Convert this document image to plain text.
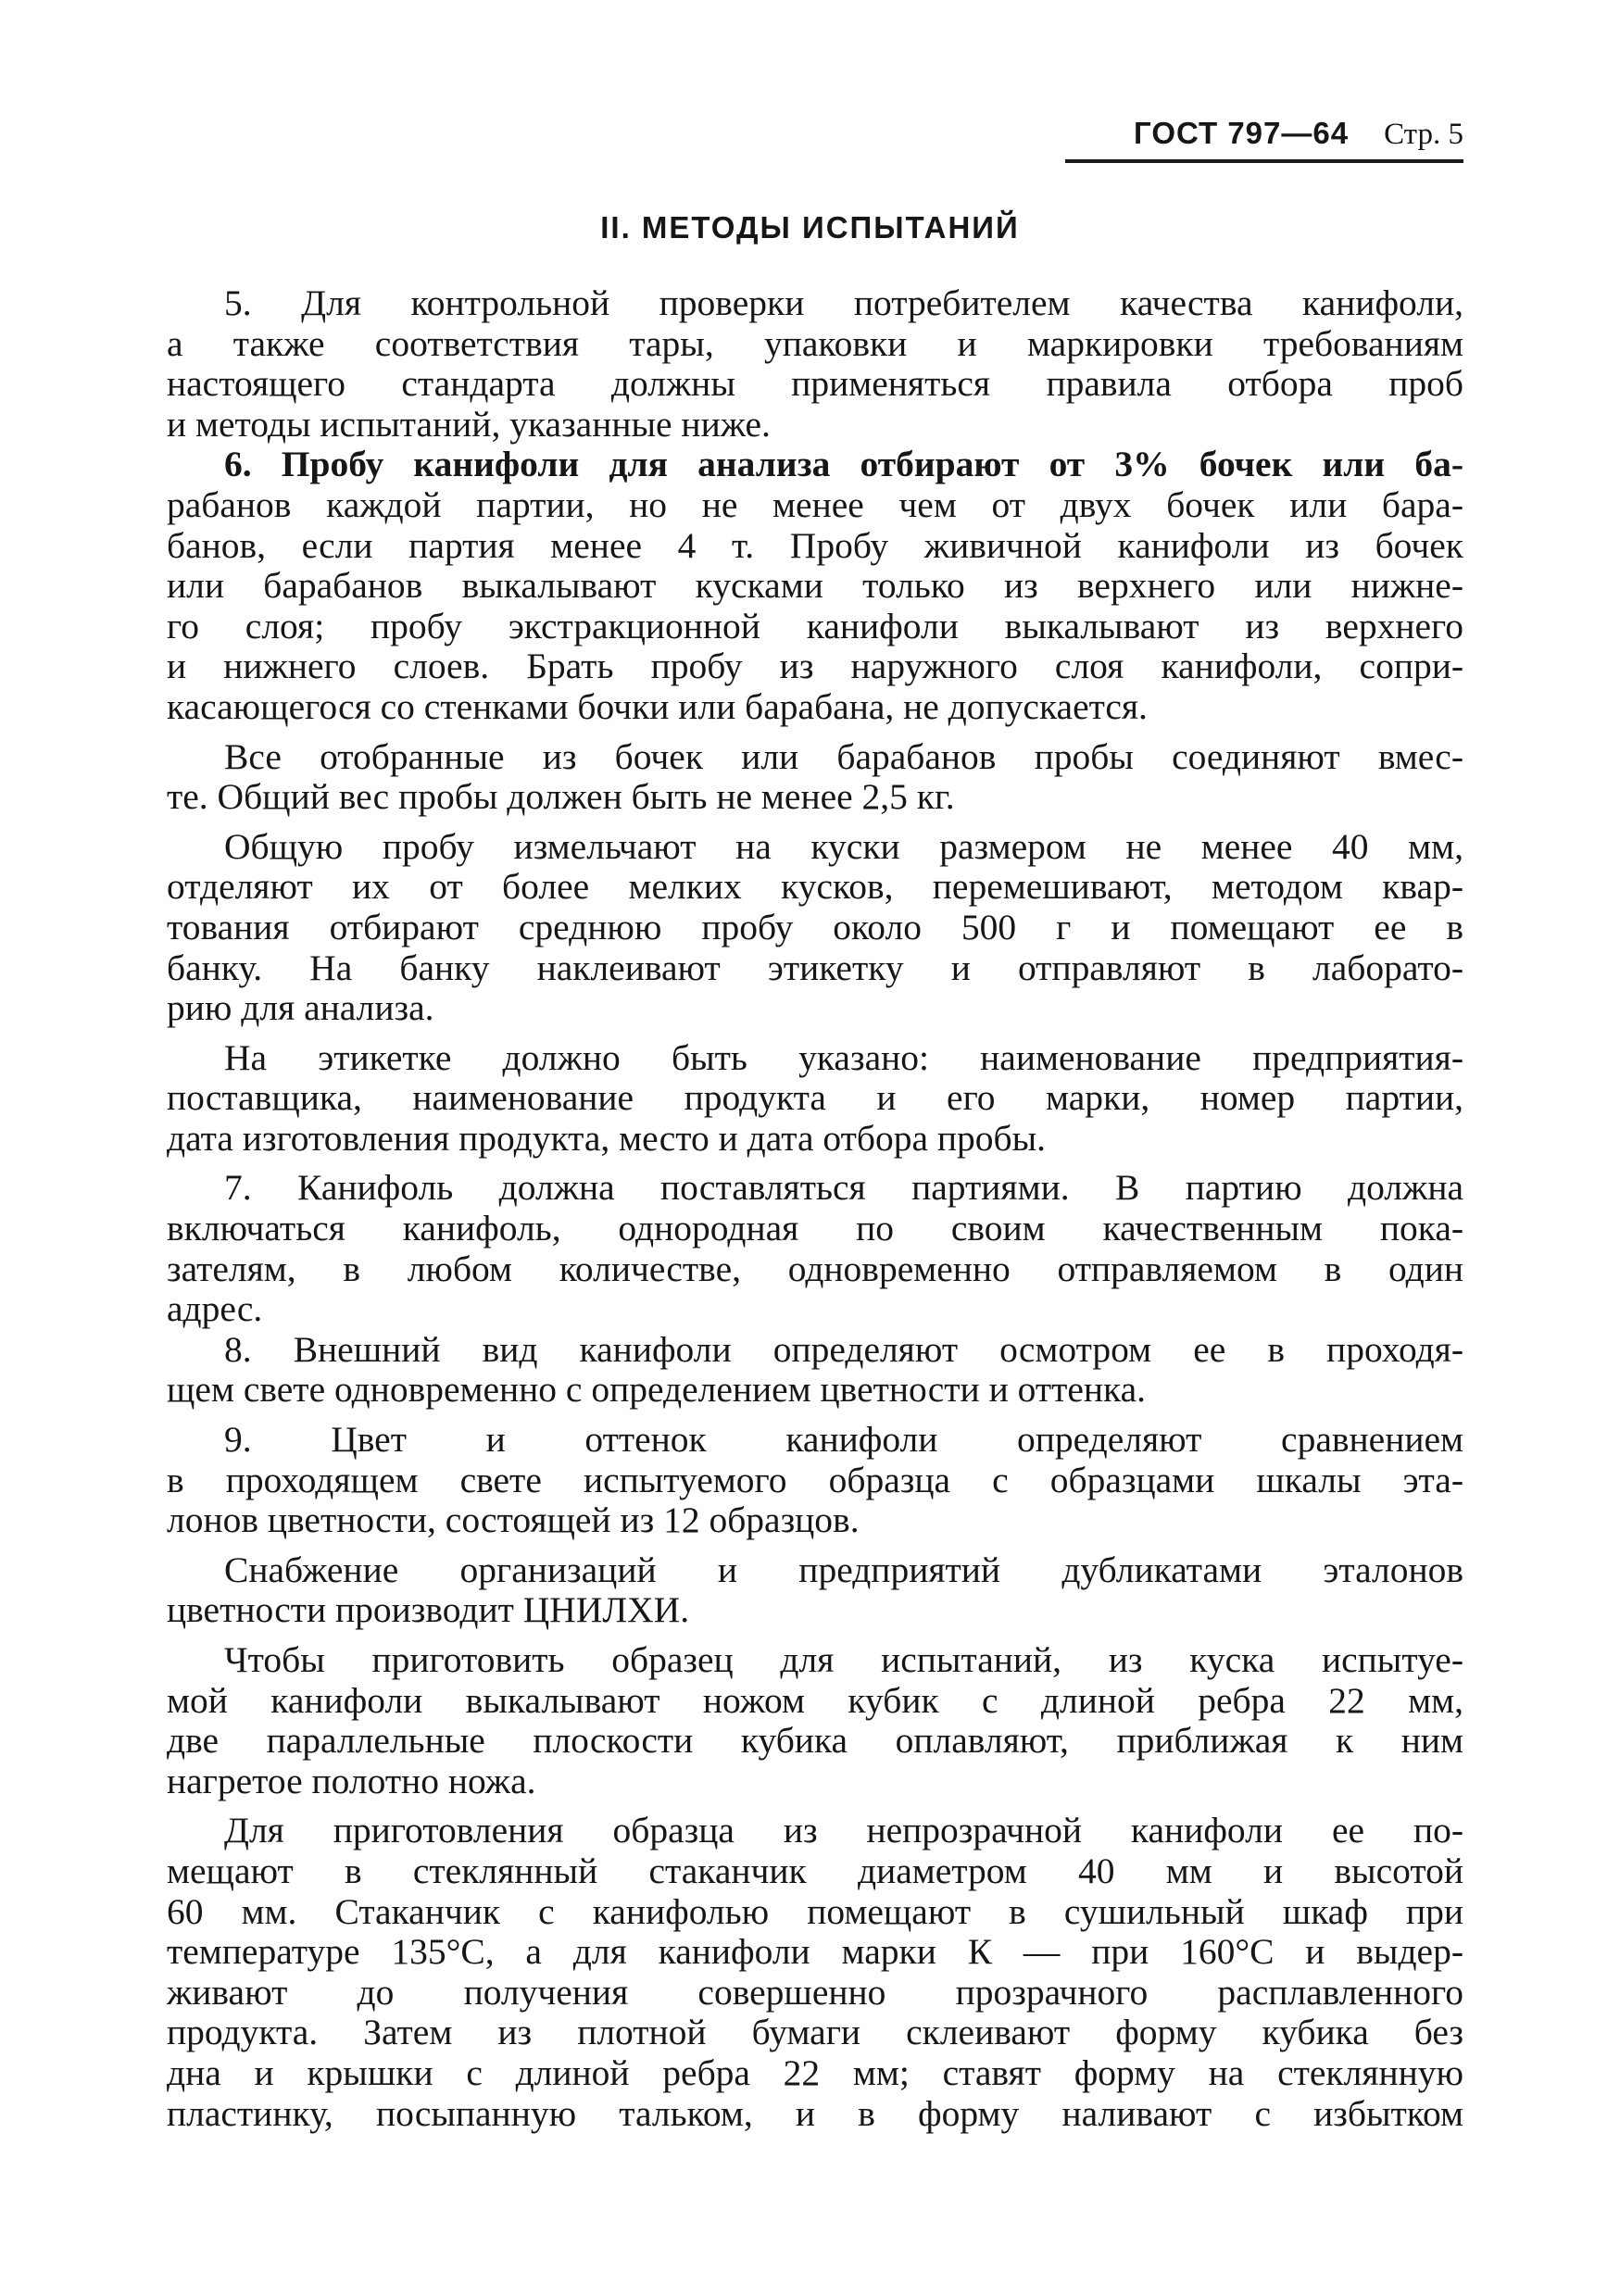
ГОСТ 797—64 Стр. 5
II. МЕТОДЫ ИСПЫТАНИЙ
5. Для контрольной проверки потребителем качества канифоли,
а также соответствия тары, упаковки и маркировки требованиям
настоящего стандарта должны применяться правила отбора проб
и методы испытаний, указанные ниже.
6. Пробу канифоли для анализа отбирают от 3% бочек или ба-
рабанов каждой партии, но не менее чем от двух бочек или бара-
банов, если партия менее 4 т. Пробу живичной канифоли из бочек
или барабанов выкалывают кусками только из верхнего или нижне-
го слоя; пробу экстракционной канифоли выкалывают из верхнего
и нижнего слоев. Брать пробу из наружного слоя канифоли, сопри-
касающегося со стенками бочки или барабана, не допускается.
Все отобранные из бочек или барабанов пробы соединяют вмес-
те. Общий вес пробы должен быть не менее 2,5 кг.
Общую пробу измельчают на куски размером не менее 40 мм,
отделяют их от более мелких кусков, перемешивают, методом квар-
тования отбирают среднюю пробу около 500 г и помещают ее в
банку. На банку наклеивают этикетку и отправляют в лаборато-
рию для анализа.
На этикетке должно быть указано: наименование предприятия-
поставщика, наименование продукта и его марки, номер партии,
дата изготовления продукта, место и дата отбора пробы.
7. Канифоль должна поставляться партиями. В партию должна
включаться канифоль, однородная по своим качественным пока-
зателям, в любом количестве, одновременно отправляемом в один
адрес.
8. Внешний вид канифоли определяют осмотром ее в проходя-
щем свете одновременно с определением цветности и оттенка.
9. Цвет и оттенок канифоли определяют сравнением
в проходящем свете испытуемого образца с образцами шкалы эта-
лонов цветности, состоящей из 12 образцов.
Снабжение организаций и предприятий дубликатами эталонов
цветности производит ЦНИЛХИ.
Чтобы приготовить образец для испытаний, из куска испытуе-
мой канифоли выкалывают ножом кубик с длиной ребра 22 мм,
две параллельные плоскости кубика оплавляют, приближая к ним
нагретое полотно ножа.
Для приготовления образца из непрозрачной канифоли ее по-
мещают в стеклянный стаканчик диаметром 40 мм и высотой
60 мм. Стаканчик с канифолью помещают в сушильный шкаф при
температуре 135°С, а для канифоли марки К — при 160°С и выдер-
живают до получения совершенно прозрачного расплавленного
продукта. Затем из плотной бумаги склеивают форму кубика без
дна и крышки с длиной ребра 22 мм; ставят форму на стеклянную
пластинку, посыпанную тальком, и в форму наливают с избытком
